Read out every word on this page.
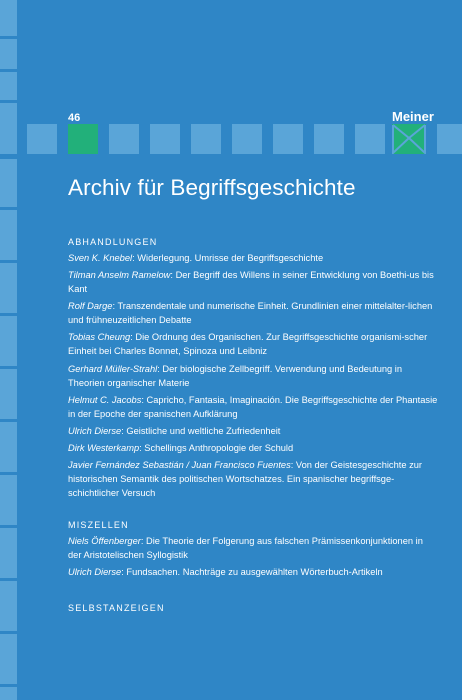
46	Meiner
Archiv für Begriffsgeschichte
ABHANDLUNGEN
Sven K. Knebel: Widerlegung. Umrisse der Begriffsgeschichte
Tilman Anselm Ramelow: Der Begriff des Willens in seiner Entwicklung von Boethi-us bis Kant
Rolf Darge: Transzendentale und numerische Einheit. Grundlinien einer mittelalter-lichen und frühneuzeitlichen Debatte
Tobias Cheung: Die Ordnung des Organischen. Zur Begriffsgeschichte organismi-scher Einheit bei Charles Bonnet, Spinoza und Leibniz
Gerhard Müller-Strahl: Der biologische Zellbegriff. Verwendung und Bedeutung in Theorien organischer Materie
Helmut C. Jacobs: Capricho, Fantasia, Imaginación. Die Begriffsgeschichte der Phantasie in der Epoche der spanischen Aufklärung
Ulrich Dierse: Geistliche und weltliche Zufriedenheit
Dirk Westerkamp: Schellings Anthropologie der Schuld
Javier Fernández Sebastián / Juan Francisco Fuentes: Von der Geistesgeschichte zur historischen Semantik des politischen Wortschatzes. Ein spanischer begriffsge-schichtlicher Versuch
MISZELLEN
Niels Öffenberger: Die Theorie der Folgerung aus falschen Prämissenkonjunktionen in der Aristotelischen Syllogistik
Ulrich Dierse: Fundsachen. Nachträge zu ausgewählten Wörterbuch-Artikeln
SELBSTANZEIGEN
